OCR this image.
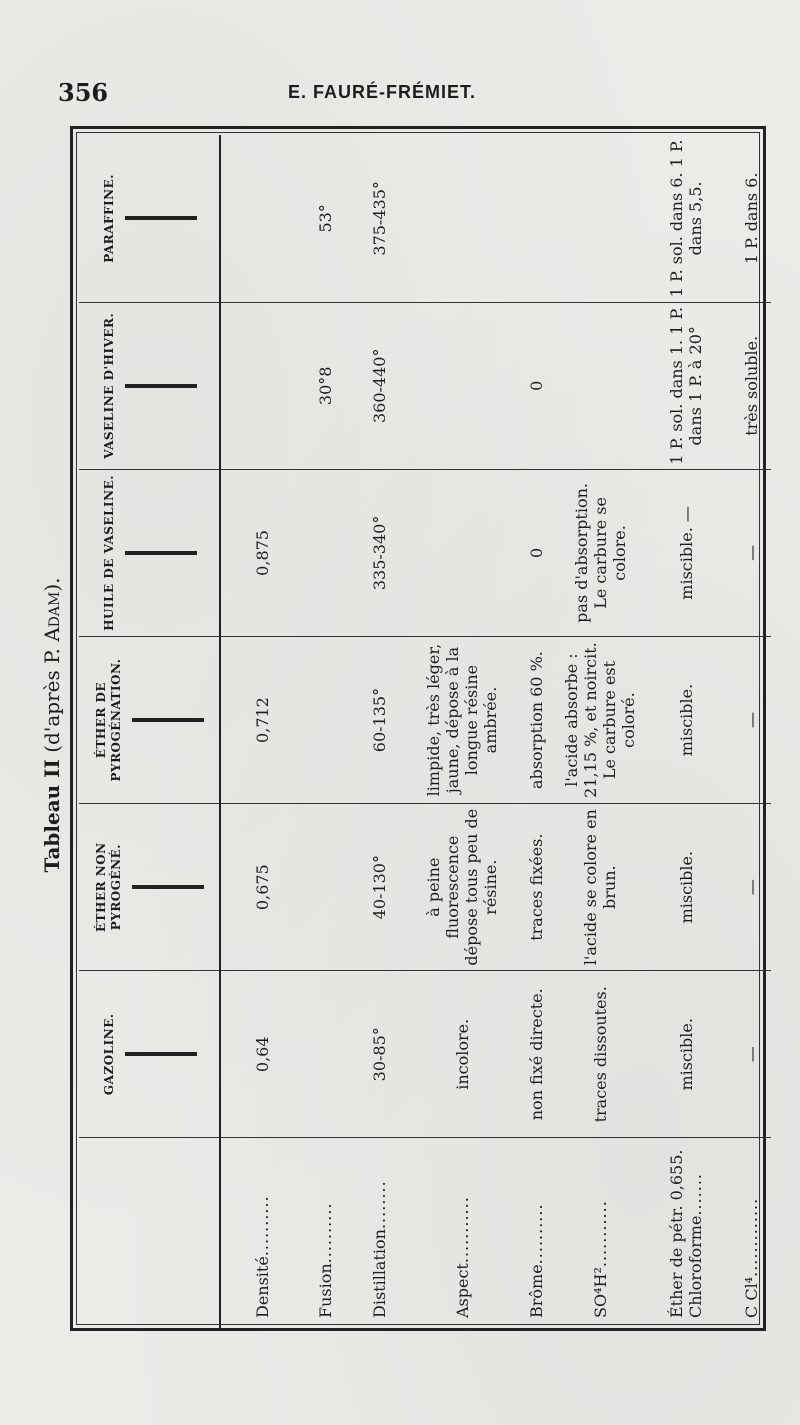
356	E. FAURÉ-FRÉMIET.
Tableau II (d'après P. Adam).
	GAZOLINE.	ÉTHER NON PYROGÉNÉ.	ÉTHER DE PYROGÉNATION.	HUILE DE VASELINE.	VASELINE D'HIVER.	PARAFFINE.

Densité..........	0,64	0,675	0,712	0,875		
Fusion..........					30°8	53°
Distillation........	30-85°	40-130°	60-135°	335-340°	360-440°	375-435°
Aspect...........	incolore.	à peine fluorescence dépose tous peu de résine.	limpide, très léger, jaune, dépose à la longue résine ambrée.			
Brôme..........	non fixé directe.	traces fixées.	absorption 60 %.	0	0	
SO⁴H²...........	traces dissoutes.	l'acide se colore en brun.	l'acide absorbe : 21,15 %, et noircit. Le carbure est coloré.	pas d'absorption. Le carbure se colore.		
Éther de pétr. 0,655. Chloroforme.......	miscible.	miscible.	miscible.	miscible. —	1 P. sol. dans 1. 1 P. dans 1 P. à 20°	1 P. sol. dans 6. 1 P. dans 5,5.
C Cl⁴.............	—	—	—	—	très soluble.	1 P. dans 6.
